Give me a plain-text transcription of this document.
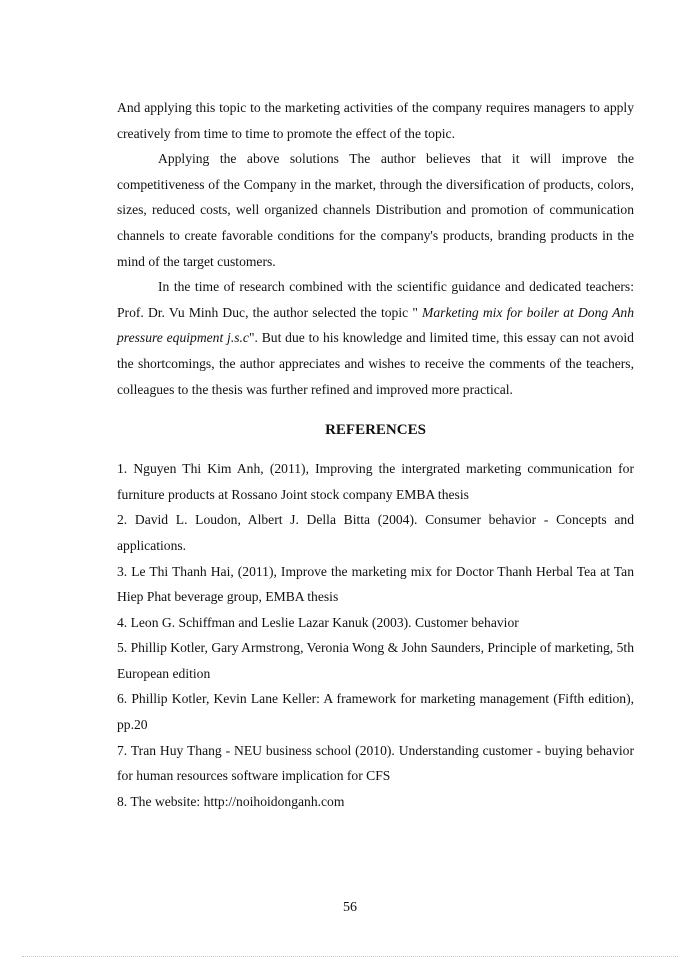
And applying this topic to the marketing activities of the company requires managers to apply creatively from time to time to promote the effect of the topic.

Applying the above solutions The author believes that it will improve the competitiveness of the Company in the market, through the diversification of products, colors, sizes, reduced costs, well organized channels Distribution and promotion of communication channels to create favorable conditions for the company's products, branding products in the mind of the target customers.

In the time of research combined with the scientific guidance and dedicated teachers: Prof. Dr. Vu Minh Duc, the author selected the topic " Marketing mix for boiler at Dong Anh pressure equipment j.s.c". But due to his knowledge and limited time, this essay can not avoid the shortcomings, the author appreciates and wishes to receive the comments of the teachers, colleagues to the thesis was further refined and improved more practical.

REFERENCES
1. Nguyen Thi Kim Anh, (2011), Improving the intergrated marketing communication for furniture products at Rossano Joint stock company EMBA thesis
2. David L. Loudon, Albert J. Della Bitta (2004). Consumer behavior - Concepts and applications.
3. Le Thi Thanh Hai, (2011), Improve the marketing mix for Doctor Thanh Herbal Tea at Tan Hiep Phat beverage group, EMBA thesis
4. Leon G. Schiffman and Leslie Lazar Kanuk (2003). Customer behavior
5. Phillip Kotler, Gary Armstrong, Veronia Wong & John Saunders, Principle of marketing, 5th European edition
6. Phillip Kotler, Kevin Lane Keller: A framework for marketing management (Fifth edition), pp.20
7. Tran Huy Thang - NEU business school (2010). Understanding customer - buying behavior for human resources software implication for CFS
8. The website: http://noihoidonganh.com
56
